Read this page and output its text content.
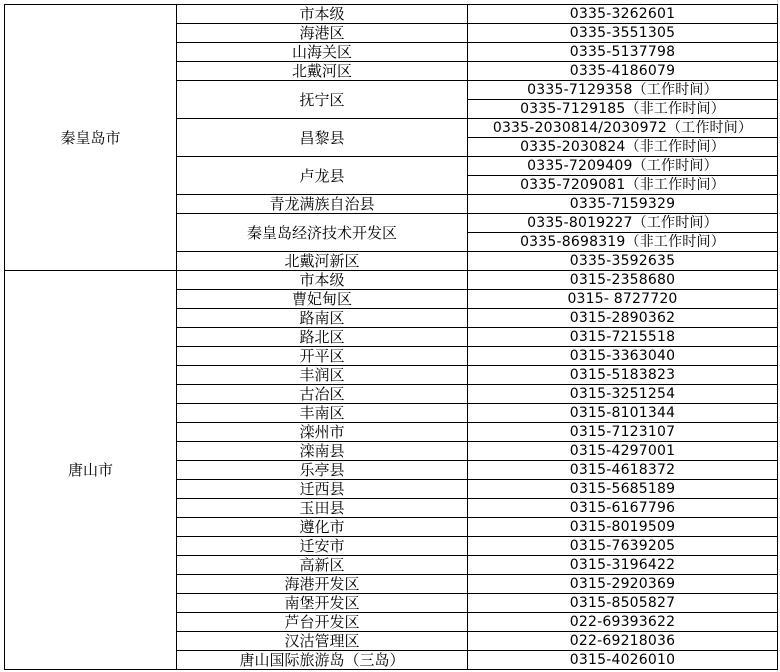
秦皇岛市	市本级	0335-3262601
	海港区	0335-3551305
	山海关区	0335-5137798
	北戴河区	0335-4186079
	抚宁区	0335-7129358（工作时间）
		0335-7129185（非工作时间）
	昌黎县	0335-2030814/2030972（工作时间）
		0335-2030824（非工作时间）
	卢龙县	0335-7209409（工作时间）
		0335-7209081（非工作时间）
	青龙满族自治县	0335-7159329
	秦皇岛经济技术开发区	0335-8019227（工作时间）
		0335-8698319（非工作时间）
	北戴河新区	0335-3592635
唐山市	市本级	0315-2358680
	曹妃甸区	0315- 8727720
	路南区	0315-2890362
	路北区	0315-7215518
	开平区	0315-3363040
	丰润区	0315-5183823
	古冶区	0315-3251254
	丰南区	0315-8101344
	滦州市	0315-7123107
	滦南县	0315-4297001
	乐亭县	0315-4618372
	迁西县	0315-5685189
	玉田县	0315-6167796
	遵化市	0315-8019509
	迁安市	0315-7639205
	高新区	0315-3196422
	海港开发区	0315-2920369
	南堡开发区	0315-8505827
	芦台开发区	022-69393622
	汉沽管理区	022-69218036
	唐山国际旅游岛（三岛）	0315-4026010
